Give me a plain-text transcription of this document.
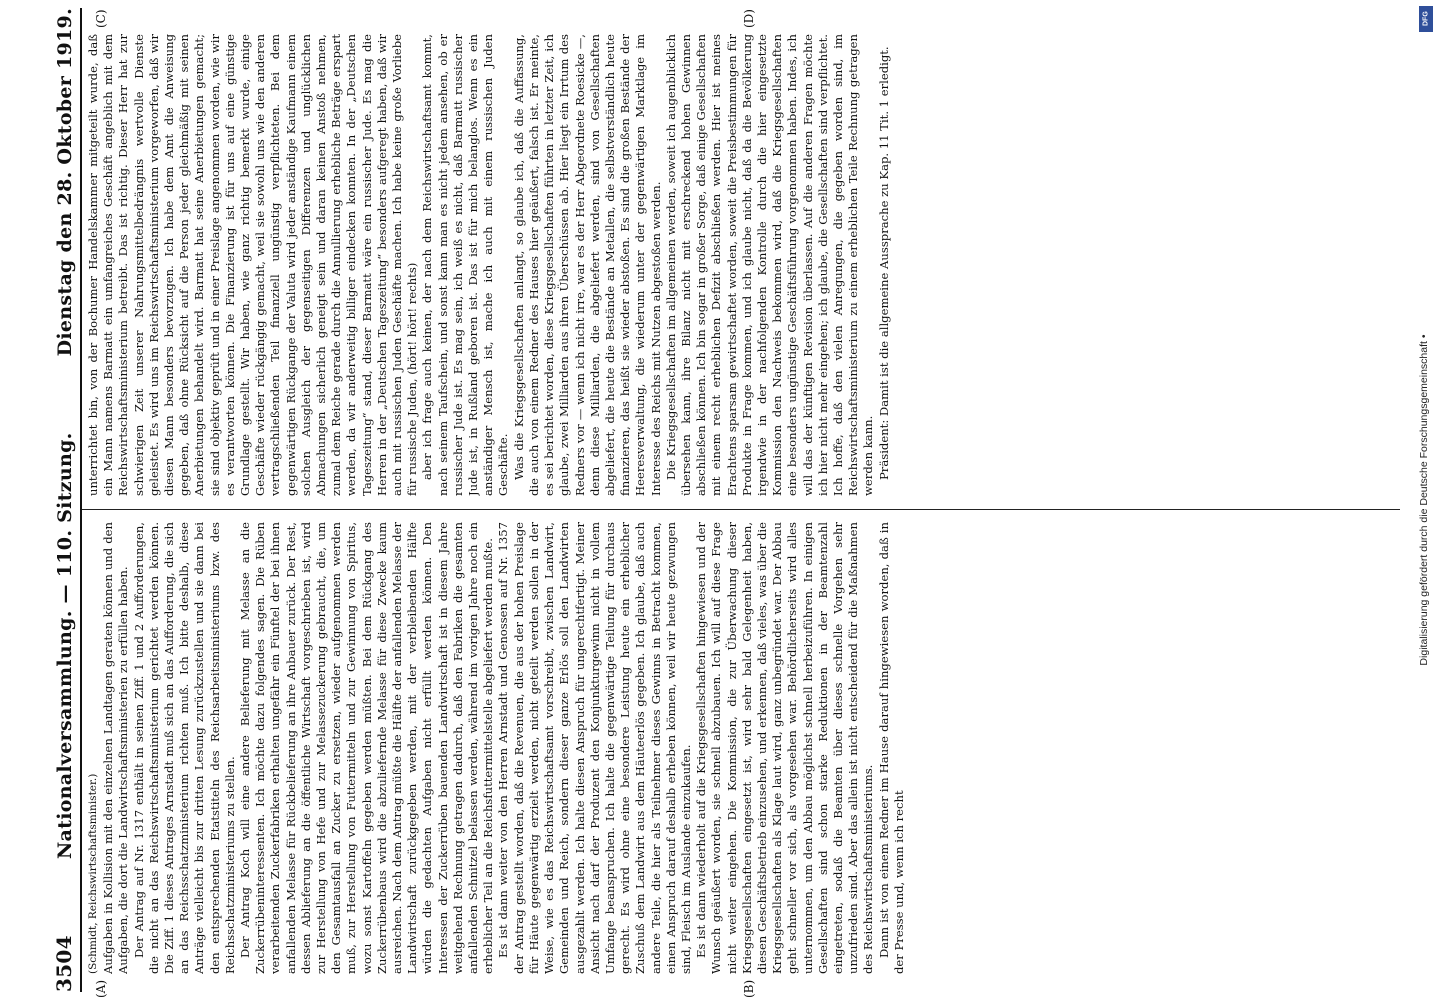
3504
Nationalversammlung. — 110. Sitzung.
Dienstag den 28. Oktober 1919.
(A)	(B)
(C)	(D)

(Schmidt, Reichswirtschaftsminister.) Aufgaben in Kollision mit den einzelnen Landtagen geraten können und den Aufgaben, die dort die Landwirtschaftsministerien zu erfüllen haben. Der Antrag auf Nr. 1317 enthält in seinen Ziff. 1 und 2 Aufforderungen, die nicht an das Reichswirtschaftsministerium gerichtet werden können. Die Ziff. 1 dieses Antrages Arnstadt muß sich an das Aufforderung, die sich an das Reichsschatzministerium richten muß. Ich bitte deshalb, diese Anträge vielleicht bis zur dritten Lesung zurückzustellen und sie dann bei den entsprechenden Etatstiteln des Reichsarbeitsministeriums bzw. des Reichsschatzministeriums zu stellen. Der Antrag Koch will eine andere Belieferung mit Melasse an die Zuckerrübeninteressenten. Ich möchte dazu folgendes sagen. Die Rüben verarbeitenden Zuckerfabriken erhalten ungefähr ein Fünftel der bei ihnen anfallenden Melasse für Rückbelieferung an ihre Anbauer zurück. Der Rest, dessen Ablieferung an die öffentliche Wirtschaft vorgeschrieben ist, wird zur Herstellung von Hefe und zur Melassezuckerung gebraucht, die, um den Gesamtausfall an Zucker zu ersetzen, wieder aufgenommen werden muß, zur Herstellung von Futtermitteln und zur Gewinnung von Spiritus, wozu sonst Kartoffeln gegeben werden müßten. Bei dem Rückgang des Zuckerrübenbaus wird die abzuliefernde Melasse für diese Zwecke kaum ausreichen. Nach dem Antrag müßte die Hälfte der anfallenden Melasse der Landwirtschaft zurückgegeben werden, mit der verbleibenden Hälfte würden die gedachten Aufgaben nicht erfüllt werden können. Den Interessen der Zuckerrüben bauenden Landwirtschaft ist in diesem Jahre weitgehend Rechnung getragen dadurch, daß den Fabriken die gesamten anfallenden Schnitzel belassen werden, während im vorigen Jahre noch ein erheblicher Teil an die Reichsfuttermittelstelle abgeliefert werden mußte. Es ist dann weiter von den Herren Arnstadt und Genossen auf Nr. 1357 der Antrag gestellt worden, daß die Revenuen, die aus der hohen Preislage für Häute gegenwärtig erzielt werden, nicht geteilt werden sollen in der Weise, wie es das Reichswirtschaftsamt vorschreibt, zwischen Landwirt, Gemeinden und Reich, sondern dieser ganze Erlös soll den Landwirten ausgezahlt werden. Ich halte diesen Anspruch für ungerechtfertigt. Meiner Ansicht nach darf der Produzent den Konjunkturgewinn nicht in vollem Umfange beanspruchen. Ich halte die gegenwärtige Teilung für durchaus gerecht. Es wird ohne eine besondere Leistung heute ein erheblicher Zuschuß dem Landwirt aus dem Häuteerlös gegeben. Ich glaube, daß auch andere Teile, die hier als Teilnehmer dieses Gewinns in Betracht kommen, einen Anspruch darauf deshalb erheben können, weil wir heute gezwungen sind, Fleisch im Auslande einzukaufen. Es ist dann wiederholt auf die Kriegsgesellschaften hingewiesen und der Wunsch geäußert worden, sie schnell abzubauen. Ich will auf diese Frage nicht weiter eingehen. Die Kommission, die zur Überwachung dieser Kriegsgesellschaften eingesetzt ist, wird sehr bald Gelegenheit haben, diesen Geschäftsbetrieb einzusehen, und erkennen, daß vieles, was über die Kriegsgesellschaften als Klage laut wird, ganz unbegründet war. Der Abbau geht schneller vor sich, als vorgesehen war. Behördlicherseits wird alles unternommen, um den Abbau möglichst schnell herbeizuführen. In einigen Gesellschaften sind schon starke Reduktionen in der Beamtenzahl eingetreten, sodaß die Beamten über dieses schnelle Vorgehen sehr unzufrieden sind. Aber das allein ist nicht entscheidend für die Maßnahmen des Reichswirtschaftsministeriums. Dann ist von einem Redner im Hause darauf hingewiesen worden, daß in der Presse und, wenn ich recht

unterrichtet bin, von der Bochumer Handelskammer mitgeteilt wurde, daß ein Mann namens Barmatt ein umfangreiches Geschäft angeblich mit dem Reichswirtschaftsministerium betreibt. Das ist richtig. Dieser Herr hat zur schwierigen Zeit unserer Nahrungsmittelbedrängnis wertvolle Dienste geleistet. Es wird uns im Reichswirtschaftsministerium vorgeworfen, daß wir diesen Mann besonders bevorzugen. Ich habe dem Amt die Anweisung gegeben, daß ohne Rücksicht auf die Person jeder gleichmäßig mit seinen Anerbietungen behandelt wird. Barmatt hat seine Anerbietungen gemacht; sie sind objektiv geprüft und in einer Preislage angenommen worden, wie wir es verantworten können. Die Finanzierung ist für uns auf eine günstige Grundlage gestellt. Wir haben, wie ganz richtig bemerkt wurde, einige Geschäfte wieder rückgängig gemacht, weil sie sowohl uns wie den anderen vertragschließenden Teil finanziell ungünstig verpflichteten. Bei dem gegenwärtigen Rückgange der Valuta wird jeder anständige Kaufmann einem solchen Ausgleich der gegenseitigen Differenzen und unglücklichen Abmachungen sicherlich geneigt sein und daran keinen Anstoß nehmen, zumal dem Reiche gerade durch die Annullierung erhebliche Beträge erspart werden, da wir anderweitig billiger eindecken konnten. In der „Deutschen Tageszeitung“ stand, dieser Barmatt wäre ein russischer Jude. Es mag die Herren in der „Deutschen Tageszeitung“ besonders aufgeregt haben, daß wir auch mit russischen Juden Geschäfte machen. Ich habe keine große Vorliebe für russische Juden, (hört! hört! rechts) aber ich frage auch keinen, der nach dem Reichswirtschaftsamt kommt, nach seinem Taufschein, und sonst kann man es nicht jedem ansehen, ob er russischer Jude ist. Es mag sein, ich weiß es nicht, daß Barmatt russischer Jude ist, in Rußland geboren ist. Das ist für mich belanglos. Wenn es ein anständiger Mensch ist, mache ich auch mit einem russischen Juden Geschäfte. Was die Kriegsgesellschaften anlangt, so glaube ich, daß die Auffassung, die auch von einem Redner des Hauses hier geäußert, falsch ist. Er meinte, es sei berichtet worden, diese Kriegsgesellschaften führten in letzter Zeit, ich glaube, zwei Milliarden aus ihren Überschüssen ab. Hier liegt ein Irrtum des Redners vor — wenn ich nicht irre, war es der Herr Abgeordnete Roesicke —, denn diese Milliarden, die abgeliefert werden, sind von Gesellschaften abgeliefert, die heute die Bestände an Metallen, die selbstverständlich heute finanzieren, das heißt sie wieder abstoßen. Es sind die großen Bestände der Heeresverwaltung, die wiederum unter der gegenwärtigen Marktlage im Interesse des Reichs mit Nutzen abgestoßen werden. Die Kriegsgesellschaften im allgemeinen werden, soweit ich augenblicklich übersehen kann, ihre Bilanz nicht mit erschreckend hohen Gewinnen abschließen können. Ich bin sogar in großer Sorge, daß einige Gesellschaften mit einem recht erheblichen Defizit abschließen werden. Hier ist meines Erachtens sparsam gewirtschaftet worden, soweit die Preisbestimmungen für Produkte in Frage kommen, und ich glaube nicht, daß da die Bevölkerung irgendwie in der nachfolgenden Kontrolle durch die hier eingesetzte Kommission den Nachweis bekommen wird, daß die Kriegsgesellschaften eine besonders ungünstige Geschäftsführung vorgenommen haben. Indes, ich will das der künftigen Revision überlassen. Auf die anderen Fragen möchte ich hier nicht mehr eingehen; ich glaube, die Gesellschaften sind verpflichtet. Ich hoffe, daß den vielen Anregungen, die gegeben worden sind, im Reichswirtschaftsministerium zu einem erheblichen Teile Rechnung getragen werden kann. Präsident: Damit ist die allgemeine Aussprache zu Kap. 11 Tit. 1 erledigt.

Digitalisierung gefördert durch die Deutsche Forschungsgemeinschaft •
DFG
